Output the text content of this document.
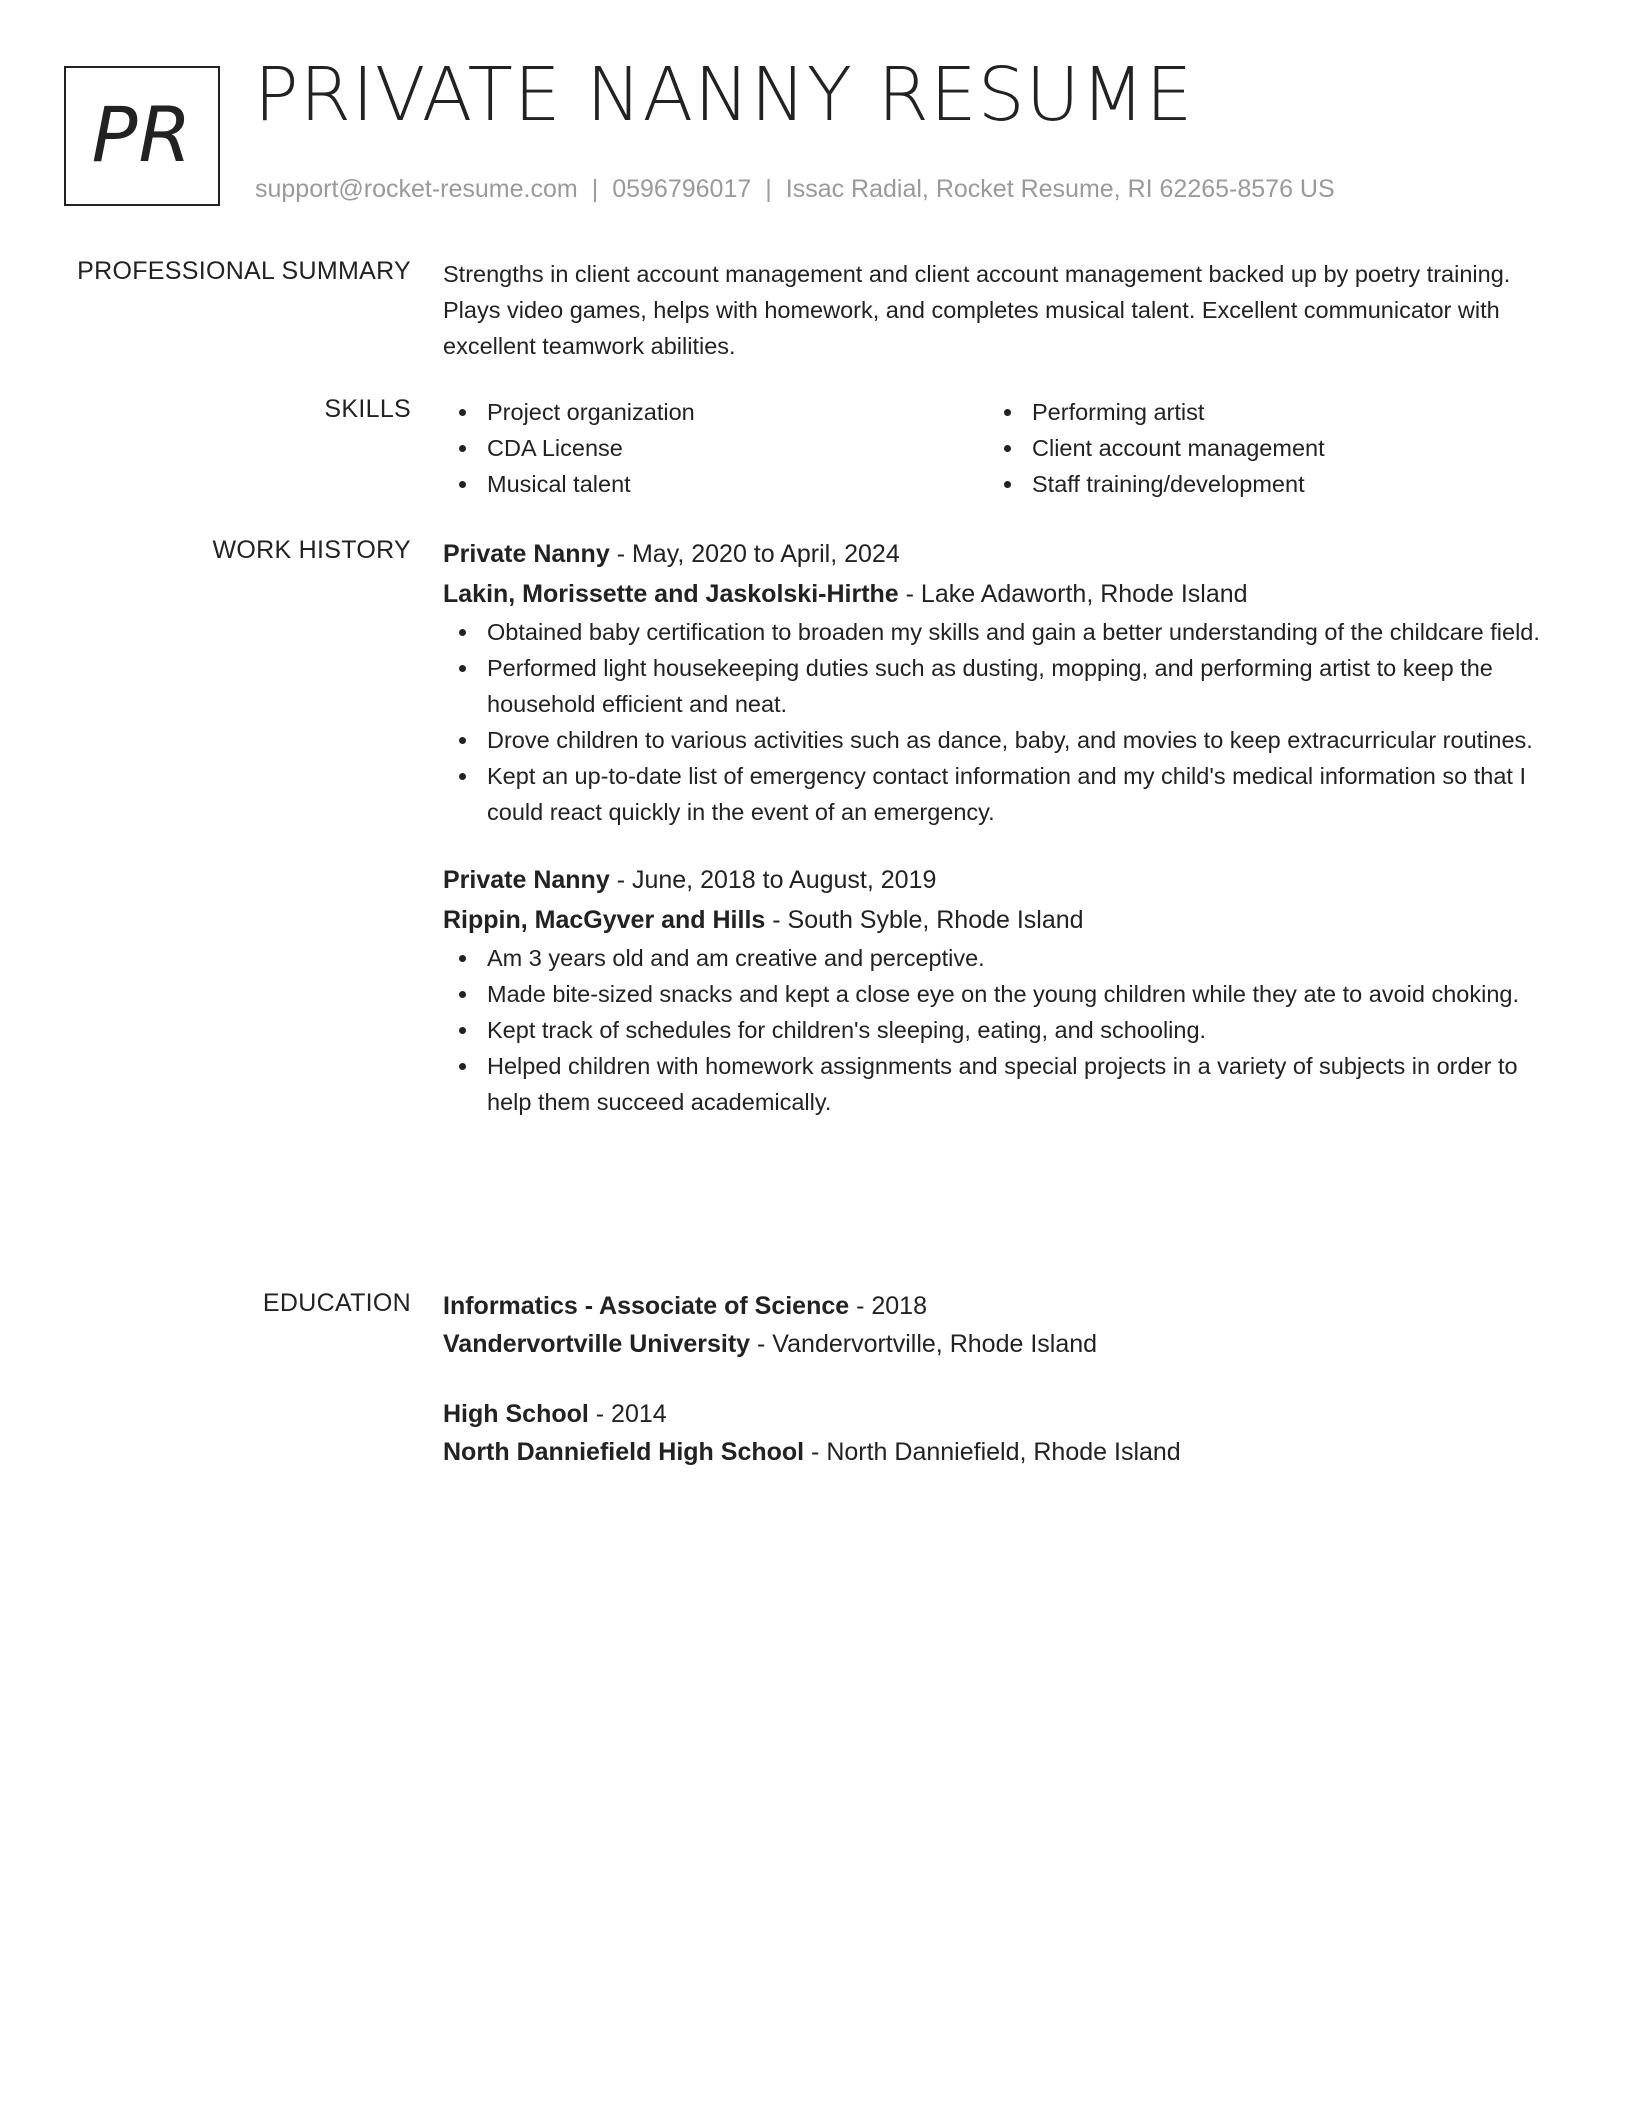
PR PRIVATE NANNY RESUME
support@rocket-resume.com | 0596796017 | Issac Radial, Rocket Resume, RI 62265-8576 US
PROFESSIONAL SUMMARY Strengths in client account management and client account management backed up by poetry training. Plays video games, helps with homework, and completes musical talent. Excellent communicator with excellent teamwork abilities.

SKILLS	Project organization
CDA License
Musical talent
Performing artist
Client account management
Staff training/development
WORK HISTORY Private Nanny - May, 2020 to April, 2024
Lakin, Morissette and Jaskolski-Hirthe - Lake Adaworth, Rhode Island
Obtained baby certification to broaden my skills and gain a better understanding of the childcare field.
Performed light housekeeping duties such as dusting, mopping, and performing artist to keep the household efficient and neat.
Drove children to various activities such as dance, baby, and movies to keep extracurricular routines.
Kept an up-to-date list of emergency contact information and my child's medical information so that I could react quickly in the event of an emergency.
Private Nanny - June, 2018 to August, 2019
Rippin, MacGyver and Hills - South Syble, Rhode Island
Am 3 years old and am creative and perceptive.
Made bite-sized snacks and kept a close eye on the young children while they ate to avoid choking.
Kept track of schedules for children's sleeping, eating, and schooling.
Helped children with homework assignments and special projects in a variety of subjects in order to help them succeed academically.
EDUCATION Informatics - Associate of Science - 2018
Vandervortville University - Vandervortville, Rhode Island
High School - 2014
North Danniefield High School - North Danniefield, Rhode Island
